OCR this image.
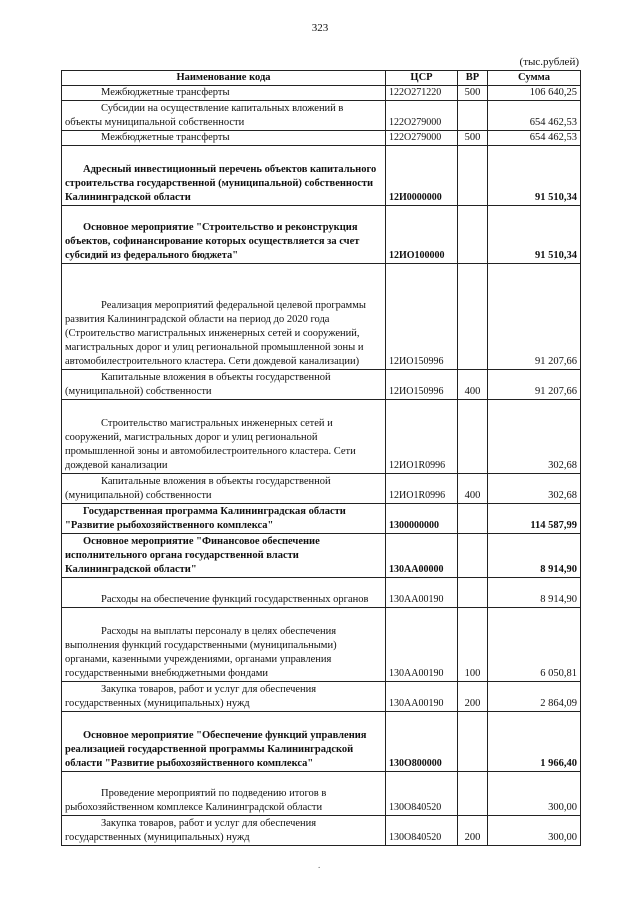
323
(тыс.рублей)
Наименование кода	ЦСР	ВР	Сумма
Межбюджетные трансферты	122O271220	500	106 640,25
Субсидии на осуществление капитальных вложений в объекты муниципальной собственности	122O279000		654 462,53
Межбюджетные трансферты	122O279000	500	654 462,53
Адресный инвестиционный перечень объектов капитального строительства государственной (муниципальной) собственности Калининградской области	12И0000000		91 510,34
Основное мероприятие "Строительство и реконструкция объектов, софинансирование которых осуществляется за счет субсидий из федерального бюджета"	12ИО100000		91 510,34
Реализация мероприятий федеральной целевой программы развития Калининградской области на период до 2020 года (Строительство магистральных инженерных сетей и сооружений, магистральных дорог и улиц региональной промышленной зоны и автомобилестроительного кластера. Сети дождевой канализации)	12ИО150996		91 207,66
Капитальные вложения в объекты государственной (муниципальной) собственности	12ИО150996	400	91 207,66
Строительство магистральных инженерных сетей и сооружений, магистральных дорог и улиц региональной промышленной зоны и автомобилестроительного кластера. Сети дождевой канализации	12ИО1R0996		302,68
Капитальные вложения в объекты государственной (муниципальной) собственности	12ИО1R0996	400	302,68
Государственная программа Калининградская области "Развитие рыбохозяйственного комплекса"	1300000000		114 587,99
Основное мероприятие "Финансовое обеспечение исполнительного органа государственной власти Калининградской области"	130АА00000		8 914,90
Расходы на обеспечение функций государственных органов	130АА00190		8 914,90
Расходы на выплаты персоналу в целях обеспечения выполнения функций государственными (муниципальными) органами, казенными учреждениями, органами управления государственными внебюджетными фондами	130АА00190	100	6 050,81
Закупка товаров, работ и услуг для обеспечения государственных (муниципальных) нужд	130АА00190	200	2 864,09
Основное мероприятие "Обеспечение функций управления реализацией государственной программы Калининградской области "Развитие рыбохозяйственного комплекса"	130О800000		1 966,40
Проведение мероприятий по подведению итогов в рыбохозяйственном комплексе Калининградской области	130О840520		300,00
Закупка товаров, работ и услуг для обеспечения государственных (муниципальных) нужд	130О840520	200	300,00
.
